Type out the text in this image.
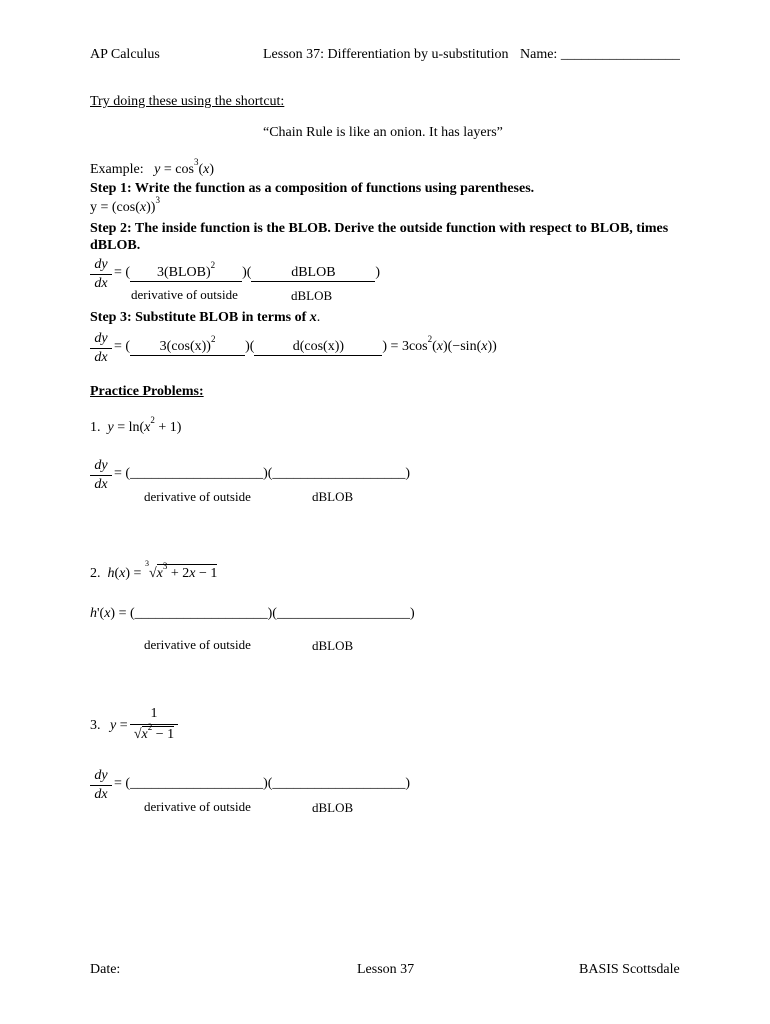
AP Calculus	Lesson 37: Differentiation by u-substitution Name: _________________
Try doing these using the shortcut:
“Chain Rule is like an onion. It has layers”
Example: $y = \cos^3(x)$
Step 1: Write the function as a composition of functions using parentheses.
$y = (\cos(x))^3$
Step 2: The inside function is the BLOB. Derive the outside function with respect to BLOB, times
dBLOB.
$\frac{dy}{dx}$ = ( 3(BLOB)$^2$ )(	dBLOB	)
derivative of outside	dBLOB
Step 3: Substitute BLOB in terms of x.
$\frac{dy}{dx}$ = ( $3(\cos(x))^2$ )(	d(cos(x))	) = $3\cos^2(x)(-\sin(x))$
Practice Problems:
1. $y = \ln(x^2 + 1)$
$\frac{dy}{dx}$ = (___________________)(___________________)
derivative of outside	dBLOB
2. $h(x) = ^3√x^3 + 2x - 1$
h'(x) = (___________________)(___________________)
derivative of outside	dBLOB
3. y =
1
$√x^2 - 1$
$\frac{dy}{dx}$ = (___________________)(___________________)
derivative of outside	dBLOB
Date:	Lesson 37	BASIS Scottsdale
